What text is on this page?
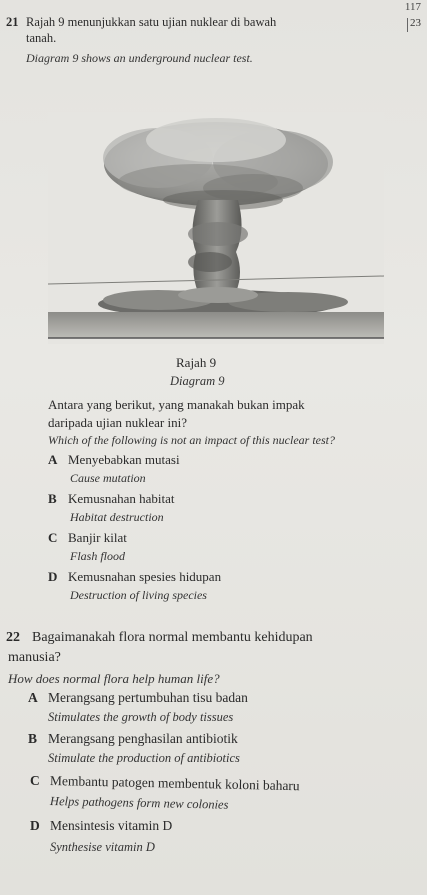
117
23
21 Rajah 9 menunjukkan satu ujian nuklear di bawah
tanah.
Diagram 9 shows an underground nuclear test.
Rajah 9
Diagram 9
Antara yang berikut, yang manakah bukan impak
daripada ujian nuklear ini?
Which of the following is not an impact of this nuclear test?
A Menyebabkan mutasi
Cause mutation
B Kemusnahan habitat
Habitat destruction
C Banjir kilat
Flash flood
D Kemusnahan spesies hidupan
Destruction of living species
22 Bagaimanakah flora normal membantu kehidupan
manusia?
How does normal flora help human life?
A Merangsang pertumbuhan tisu badan
Stimulates the growth of body tissues
B Merangsang penghasilan antibiotik
Stimulate the production of antibiotics
C Membantu patogen membentuk koloni baharu
Helps pathogens form new colonies
D Mensintesis vitamin D
Synthesise vitamin D
